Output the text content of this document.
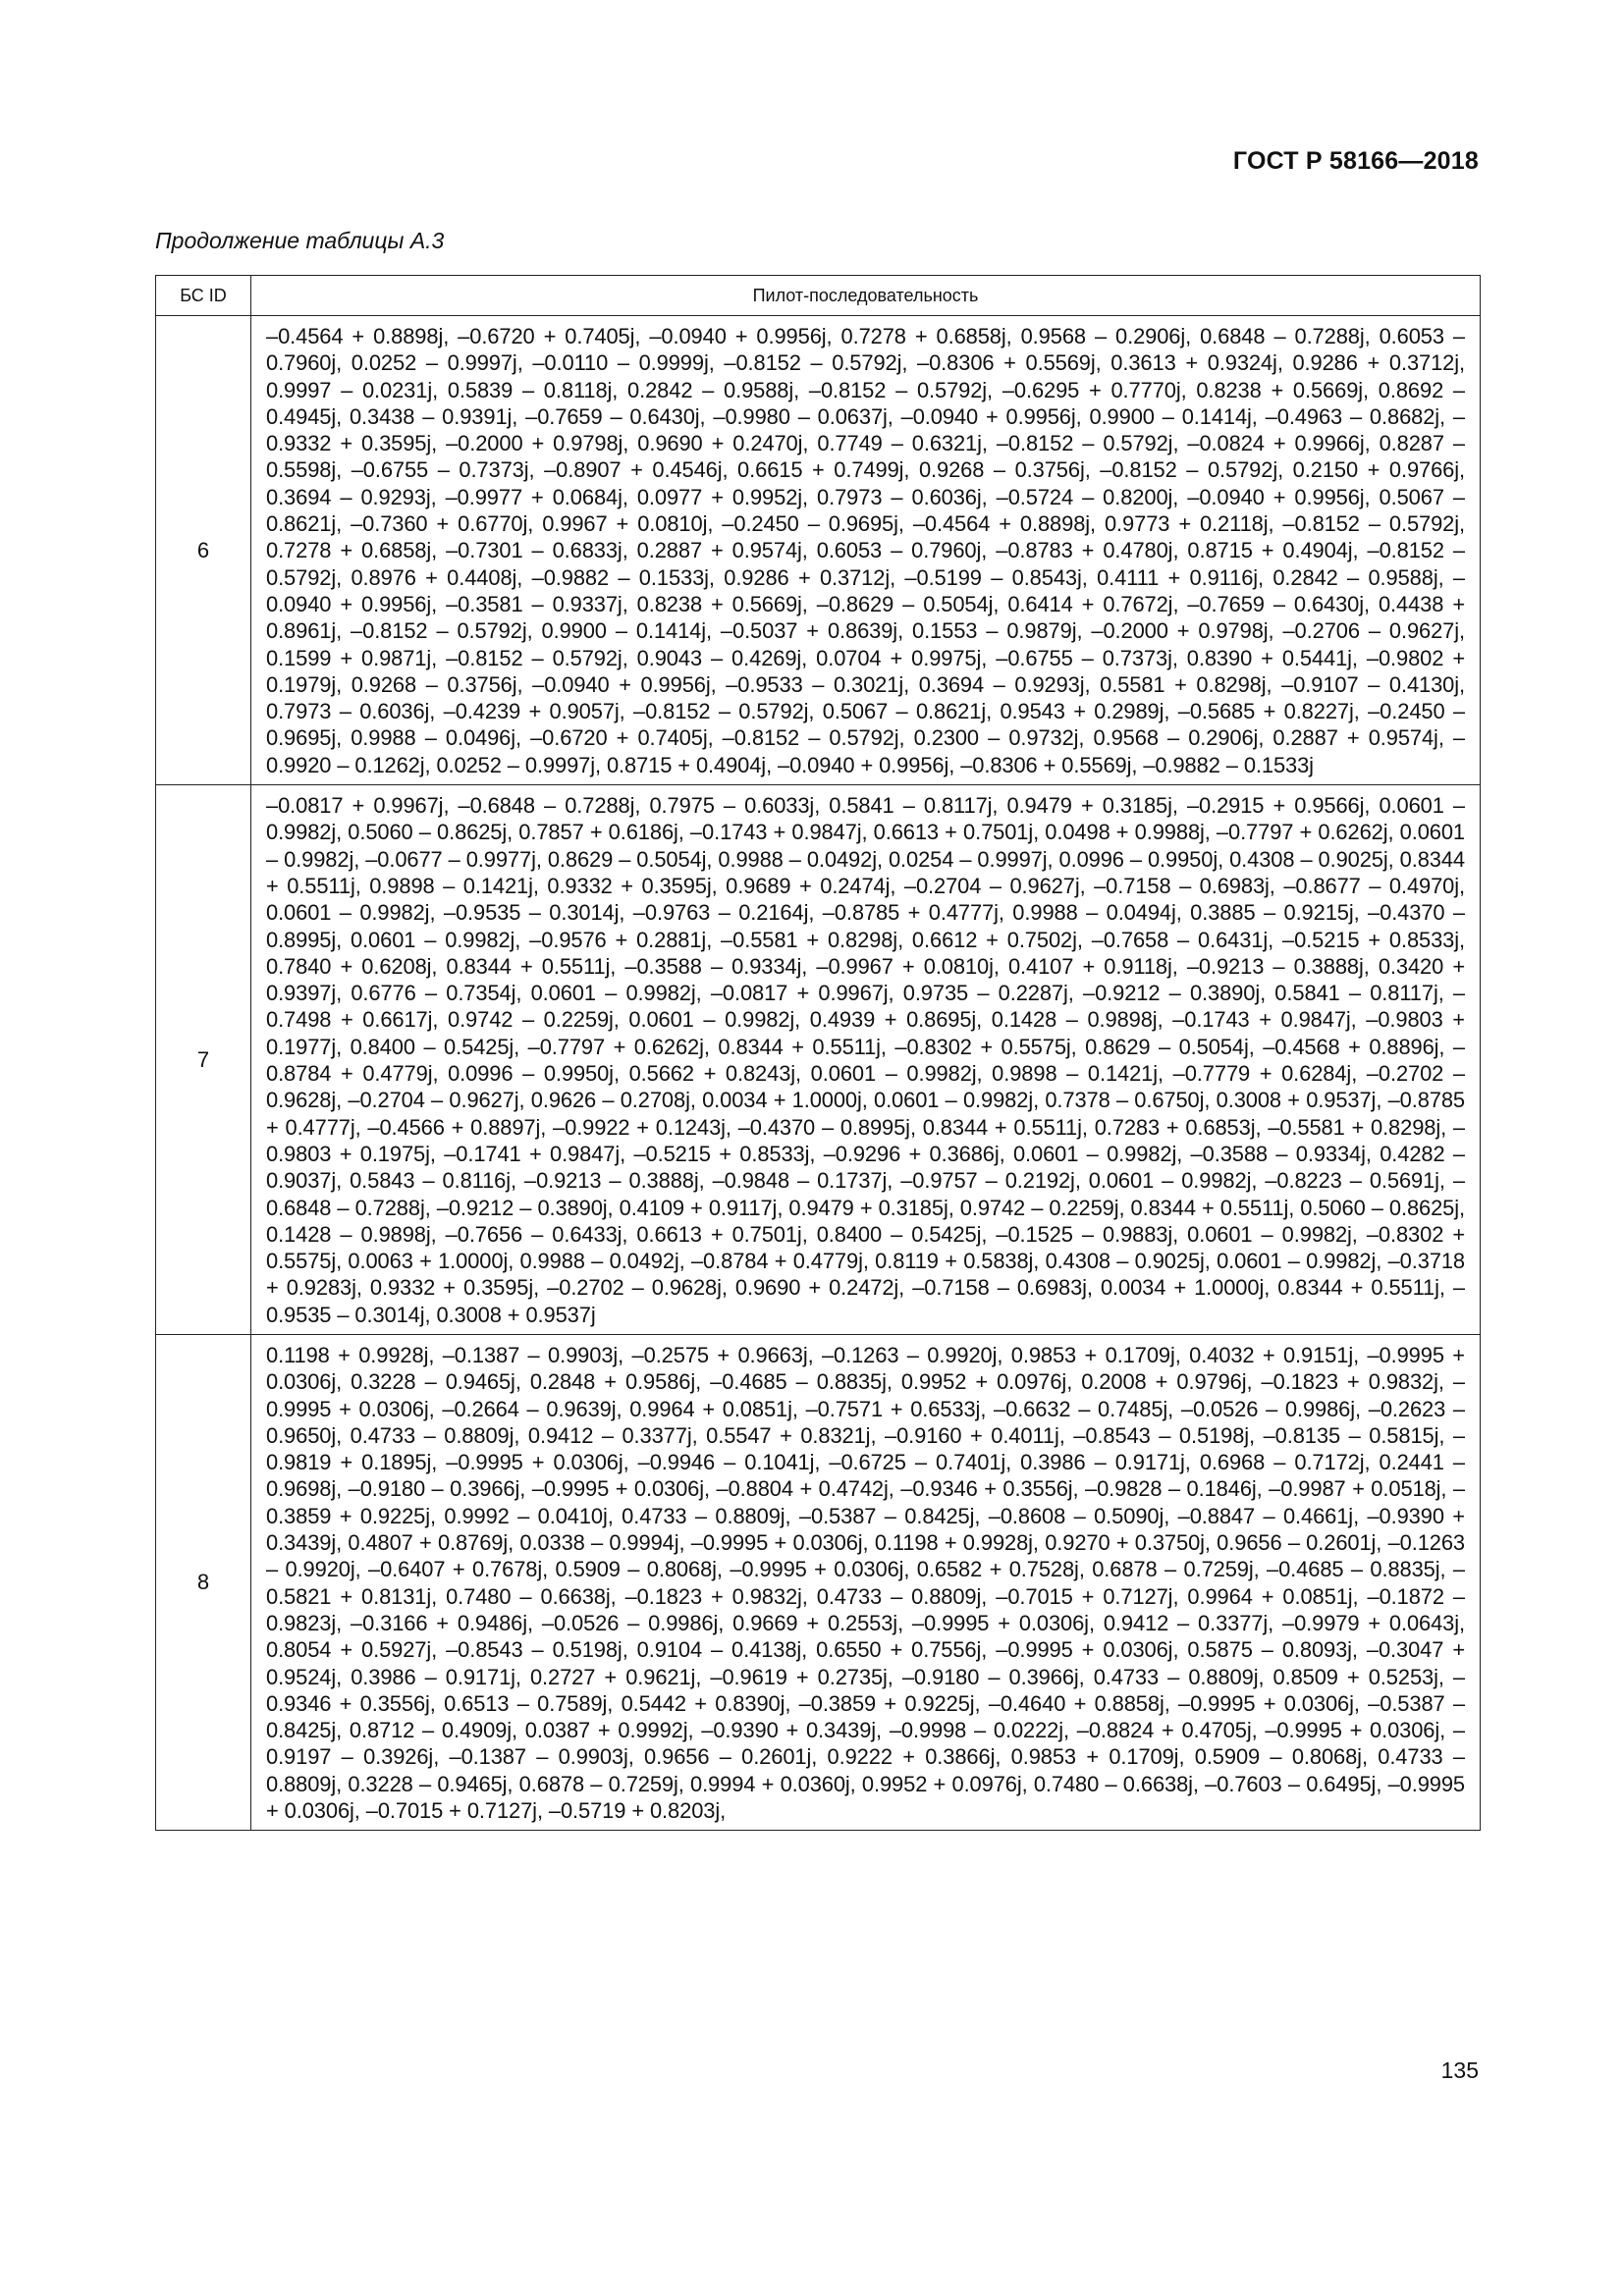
ГОСТ Р 58166—2018
Продолжение таблицы А.3
БС ID	Пилот-последовательность
6	–0.4564 + 0.8898j, –0.6720 + 0.7405j, –0.0940 + 0.9956j, 0.7278 + 0.6858j, 0.9568 – 0.2906j, 0.6848 – 0.7288j, 0.6053 – 0.7960j, 0.0252 – 0.9997j, –0.0110 – 0.9999j, –0.8152 – 0.5792j, –0.8306 + 0.5569j, 0.3613 + 0.9324j, 0.9286 + 0.3712j, 0.9997 – 0.0231j, 0.5839 – 0.8118j, 0.2842 – 0.9588j, –0.8152 – 0.5792j, –0.6295 + 0.7770j, 0.8238 + 0.5669j, 0.8692 – 0.4945j, 0.3438 – 0.9391j, –0.7659 – 0.6430j, –0.9980 – 0.0637j, –0.0940 + 0.9956j, 0.9900 – 0.1414j, –0.4963 – 0.8682j, –0.9332 + 0.3595j, –0.2000 + 0.9798j, 0.9690 + 0.2470j, 0.7749 – 0.6321j, –0.8152 – 0.5792j, –0.0824 + 0.9966j, 0.8287 – 0.5598j, –0.6755 – 0.7373j, –0.8907 + 0.4546j, 0.6615 + 0.7499j, 0.9268 – 0.3756j, –0.8152 – 0.5792j, 0.2150 + 0.9766j, 0.3694 – 0.9293j, –0.9977 + 0.0684j, 0.0977 + 0.9952j, 0.7973 – 0.6036j, –0.5724 – 0.8200j, –0.0940 + 0.9956j, 0.5067 – 0.8621j, –0.7360 + 0.6770j, 0.9967 + 0.0810j, –0.2450 – 0.9695j, –0.4564 + 0.8898j, 0.9773 + 0.2118j, –0.8152 – 0.5792j, 0.7278 + 0.6858j, –0.7301 – 0.6833j, 0.2887 + 0.9574j, 0.6053 – 0.7960j, –0.8783 + 0.4780j, 0.8715 + 0.4904j, –0.8152 – 0.5792j, 0.8976 + 0.4408j, –0.9882 – 0.1533j, 0.9286 + 0.3712j, –0.5199 – 0.8543j, 0.4111 + 0.9116j, 0.2842 – 0.9588j, –0.0940 + 0.9956j, –0.3581 – 0.9337j, 0.8238 + 0.5669j, –0.8629 – 0.5054j, 0.6414 + 0.7672j, –0.7659 – 0.6430j, 0.4438 + 0.8961j, –0.8152 – 0.5792j, 0.9900 – 0.1414j, –0.5037 + 0.8639j, 0.1553 – 0.9879j, –0.2000 + 0.9798j, –0.2706 – 0.9627j, 0.1599 + 0.9871j, –0.8152 – 0.5792j, 0.9043 – 0.4269j, 0.0704 + 0.9975j, –0.6755 – 0.7373j, 0.8390 + 0.5441j, –0.9802 + 0.1979j, 0.9268 – 0.3756j, –0.0940 + 0.9956j, –0.9533 – 0.3021j, 0.3694 – 0.9293j, 0.5581 + 0.8298j, –0.9107 – 0.4130j, 0.7973 – 0.6036j, –0.4239 + 0.9057j, –0.8152 – 0.5792j, 0.5067 – 0.8621j, 0.9543 + 0.2989j, –0.5685 + 0.8227j, –0.2450 – 0.9695j, 0.9988 – 0.0496j, –0.6720 + 0.7405j, –0.8152 – 0.5792j, 0.2300 – 0.9732j, 0.9568 – 0.2906j, 0.2887 + 0.9574j, –0.9920 – 0.1262j, 0.0252 – 0.9997j, 0.8715 + 0.4904j, –0.0940 + 0.9956j, –0.8306 + 0.5569j, –0.9882 – 0.1533j
7	–0.0817 + 0.9967j, –0.6848 – 0.7288j, 0.7975 – 0.6033j, 0.5841 – 0.8117j, 0.9479 + 0.3185j, –0.2915 + 0.9566j, 0.0601 – 0.9982j, 0.5060 – 0.8625j, 0.7857 + 0.6186j, –0.1743 + 0.9847j, 0.6613 + 0.7501j, 0.0498 + 0.9988j, –0.7797 + 0.6262j, 0.0601 – 0.9982j, –0.0677 – 0.9977j, 0.8629 – 0.5054j, 0.9988 – 0.0492j, 0.0254 – 0.9997j, 0.0996 – 0.9950j, 0.4308 – 0.9025j, 0.8344 + 0.5511j, 0.9898 – 0.1421j, 0.9332 + 0.3595j, 0.9689 + 0.2474j, –0.2704 – 0.9627j, –0.7158 – 0.6983j, –0.8677 – 0.4970j, 0.0601 – 0.9982j, –0.9535 – 0.3014j, –0.9763 – 0.2164j, –0.8785 + 0.4777j, 0.9988 – 0.0494j, 0.3885 – 0.9215j, –0.4370 – 0.8995j, 0.0601 – 0.9982j, –0.9576 + 0.2881j, –0.5581 + 0.8298j, 0.6612 + 0.7502j, –0.7658 – 0.6431j, –0.5215 + 0.8533j, 0.7840 + 0.6208j, 0.8344 + 0.5511j, –0.3588 – 0.9334j, –0.9967 + 0.0810j, 0.4107 + 0.9118j, –0.9213 – 0.3888j, 0.3420 + 0.9397j, 0.6776 – 0.7354j, 0.0601 – 0.9982j, –0.0817 + 0.9967j, 0.9735 – 0.2287j, –0.9212 – 0.3890j, 0.5841 – 0.8117j, –0.7498 + 0.6617j, 0.9742 – 0.2259j, 0.0601 – 0.9982j, 0.4939 + 0.8695j, 0.1428 – 0.9898j, –0.1743 + 0.9847j, –0.9803 + 0.1977j, 0.8400 – 0.5425j, –0.7797 + 0.6262j, 0.8344 + 0.5511j, –0.8302 + 0.5575j, 0.8629 – 0.5054j, –0.4568 + 0.8896j, –0.8784 + 0.4779j, 0.0996 – 0.9950j, 0.5662 + 0.8243j, 0.0601 – 0.9982j, 0.9898 – 0.1421j, –0.7779 + 0.6284j, –0.2702 – 0.9628j, –0.2704 – 0.9627j, 0.9626 – 0.2708j, 0.0034 + 1.0000j, 0.0601 – 0.9982j, 0.7378 – 0.6750j, 0.3008 + 0.9537j, –0.8785 + 0.4777j, –0.4566 + 0.8897j, –0.9922 + 0.1243j, –0.4370 – 0.8995j, 0.8344 + 0.5511j, 0.7283 + 0.6853j, –0.5581 + 0.8298j, –0.9803 + 0.1975j, –0.1741 + 0.9847j, –0.5215 + 0.8533j, –0.9296 + 0.3686j, 0.0601 – 0.9982j, –0.3588 – 0.9334j, 0.4282 – 0.9037j, 0.5843 – 0.8116j, –0.9213 – 0.3888j, –0.9848 – 0.1737j, –0.9757 – 0.2192j, 0.0601 – 0.9982j, –0.8223 – 0.5691j, –0.6848 – 0.7288j, –0.9212 – 0.3890j, 0.4109 + 0.9117j, 0.9479 + 0.3185j, 0.9742 – 0.2259j, 0.8344 + 0.5511j, 0.5060 – 0.8625j, 0.1428 – 0.9898j, –0.7656 – 0.6433j, 0.6613 + 0.7501j, 0.8400 – 0.5425j, –0.1525 – 0.9883j, 0.0601 – 0.9982j, –0.8302 + 0.5575j, 0.0063 + 1.0000j, 0.9988 – 0.0492j, –0.8784 + 0.4779j, 0.8119 + 0.5838j, 0.4308 – 0.9025j, 0.0601 – 0.9982j, –0.3718 + 0.9283j, 0.9332 + 0.3595j, –0.2702 – 0.9628j, 0.9690 + 0.2472j, –0.7158 – 0.6983j, 0.0034 + 1.0000j, 0.8344 + 0.5511j, –0.9535 – 0.3014j, 0.3008 + 0.9537j
8	0.1198 + 0.9928j, –0.1387 – 0.9903j, –0.2575 + 0.9663j, –0.1263 – 0.9920j, 0.9853 + 0.1709j, 0.4032 + 0.9151j, –0.9995 + 0.0306j, 0.3228 – 0.9465j, 0.2848 + 0.9586j, –0.4685 – 0.8835j, 0.9952 + 0.0976j, 0.2008 + 0.9796j, –0.1823 + 0.9832j, –0.9995 + 0.0306j, –0.2664 – 0.9639j, 0.9964 + 0.0851j, –0.7571 + 0.6533j, –0.6632 – 0.7485j, –0.0526 – 0.9986j, –0.2623 – 0.9650j, 0.4733 – 0.8809j, 0.9412 – 0.3377j, 0.5547 + 0.8321j, –0.9160 + 0.4011j, –0.8543 – 0.5198j, –0.8135 – 0.5815j, –0.9819 + 0.1895j, –0.9995 + 0.0306j, –0.9946 – 0.1041j, –0.6725 – 0.7401j, 0.3986 – 0.9171j, 0.6968 – 0.7172j, 0.2441 – 0.9698j, –0.9180 – 0.3966j, –0.9995 + 0.0306j, –0.8804 + 0.4742j, –0.9346 + 0.3556j, –0.9828 – 0.1846j, –0.9987 + 0.0518j, –0.3859 + 0.9225j, 0.9992 – 0.0410j, 0.4733 – 0.8809j, –0.5387 – 0.8425j, –0.8608 – 0.5090j, –0.8847 – 0.4661j, –0.9390 + 0.3439j, 0.4807 + 0.8769j, 0.0338 – 0.9994j, –0.9995 + 0.0306j, 0.1198 + 0.9928j, 0.9270 + 0.3750j, 0.9656 – 0.2601j, –0.1263 – 0.9920j, –0.6407 + 0.7678j, 0.5909 – 0.8068j, –0.9995 + 0.0306j, 0.6582 + 0.7528j, 0.6878 – 0.7259j, –0.4685 – 0.8835j, –0.5821 + 0.8131j, 0.7480 – 0.6638j, –0.1823 + 0.9832j, 0.4733 – 0.8809j, –0.7015 + 0.7127j, 0.9964 + 0.0851j, –0.1872 – 0.9823j, –0.3166 + 0.9486j, –0.0526 – 0.9986j, 0.9669 + 0.2553j, –0.9995 + 0.0306j, 0.9412 – 0.3377j, –0.9979 + 0.0643j, 0.8054 + 0.5927j, –0.8543 – 0.5198j, 0.9104 – 0.4138j, 0.6550 + 0.7556j, –0.9995 + 0.0306j, 0.5875 – 0.8093j, –0.3047 + 0.9524j, 0.3986 – 0.9171j, 0.2727 + 0.9621j, –0.9619 + 0.2735j, –0.9180 – 0.3966j, 0.4733 – 0.8809j, 0.8509 + 0.5253j, –0.9346 + 0.3556j, 0.6513 – 0.7589j, 0.5442 + 0.8390j, –0.3859 + 0.9225j, –0.4640 + 0.8858j, –0.9995 + 0.0306j, –0.5387 – 0.8425j, 0.8712 – 0.4909j, 0.0387 + 0.9992j, –0.9390 + 0.3439j, –0.9998 – 0.0222j, –0.8824 + 0.4705j, –0.9995 + 0.0306j, –0.9197 – 0.3926j, –0.1387 – 0.9903j, 0.9656 – 0.2601j, 0.9222 + 0.3866j, 0.9853 + 0.1709j, 0.5909 – 0.8068j, 0.4733 – 0.8809j, 0.3228 – 0.9465j, 0.6878 – 0.7259j, 0.9994 + 0.0360j, 0.9952 + 0.0976j, 0.7480 – 0.6638j, –0.7603 – 0.6495j, –0.9995 + 0.0306j, –0.7015 + 0.7127j, –0.5719 + 0.8203j,
135
